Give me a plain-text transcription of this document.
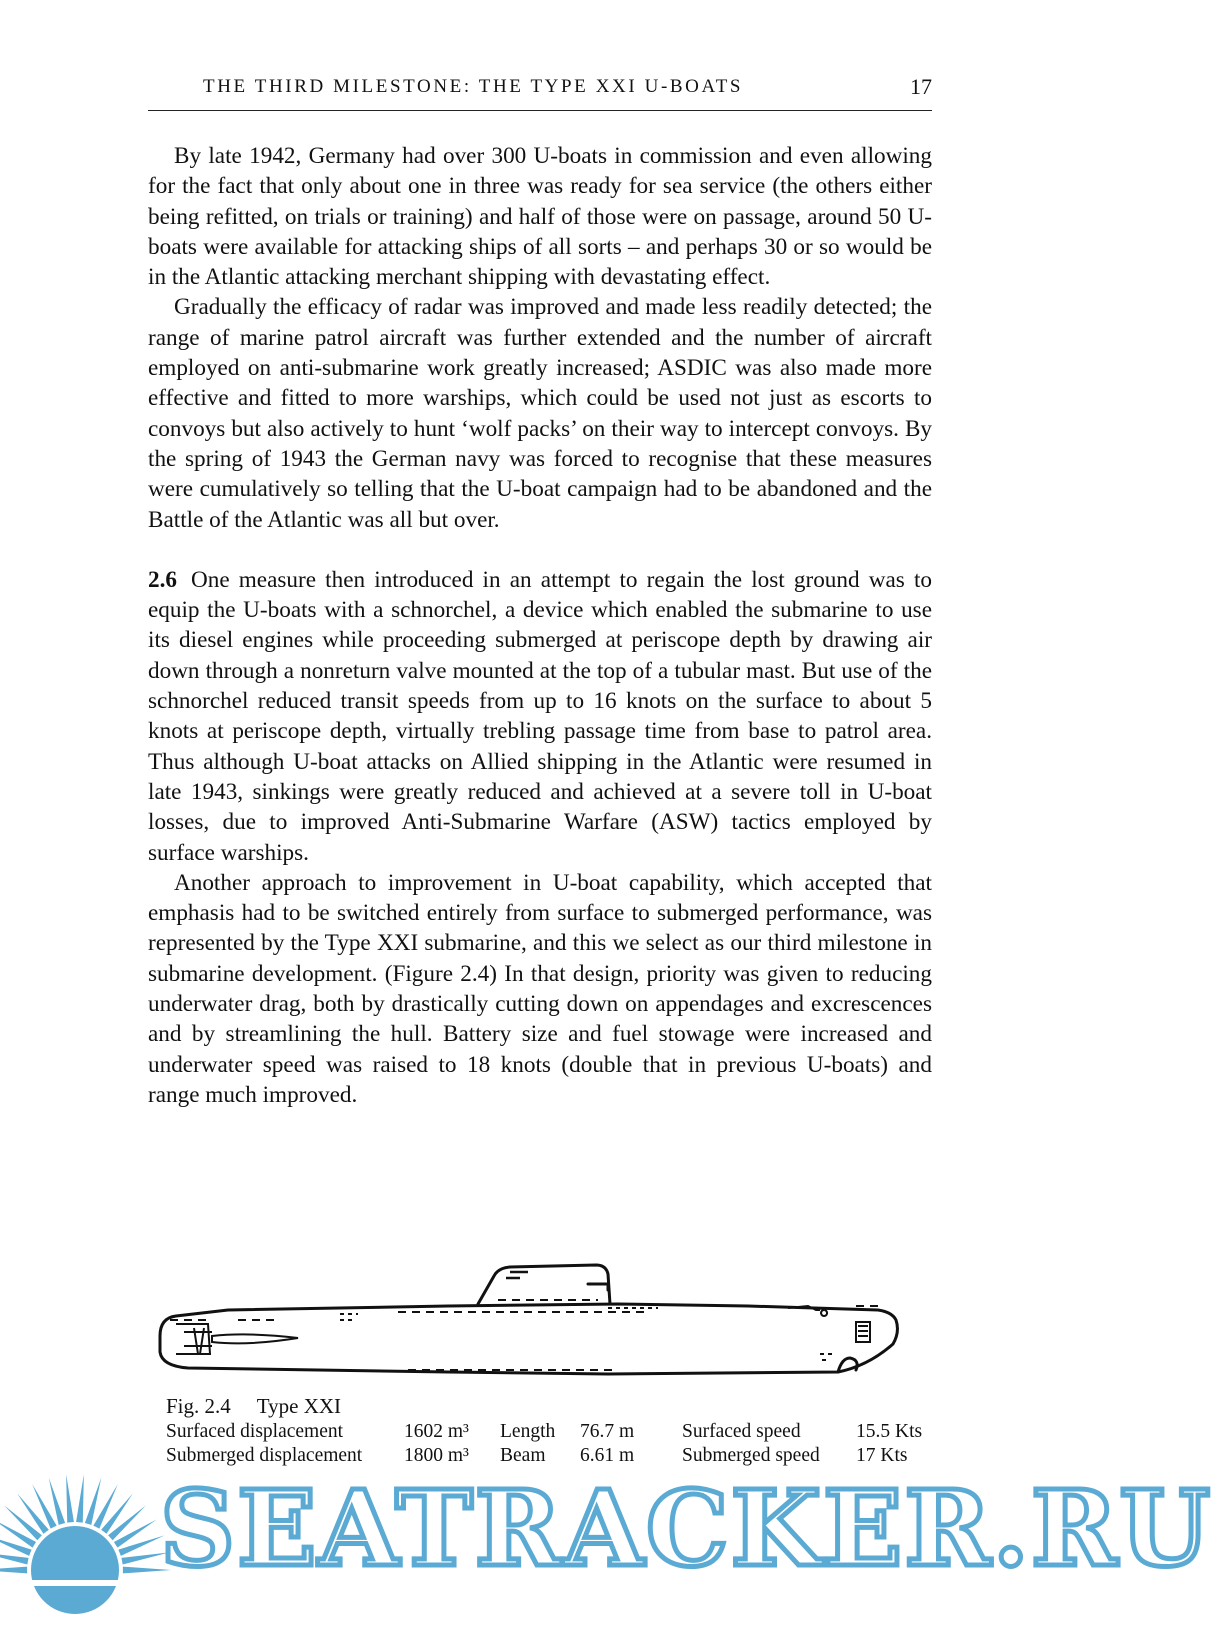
THE THIRD MILESTONE: THE TYPE XXI U-BOATS	17

By late 1942, Germany had over 300 U-boats in commission and even allowing for the fact that only about one in three was ready for sea service (the others either being refitted, on trials or training) and half of those were on passage, around 50 U-boats were available for attacking ships of all sorts – and perhaps 30 or so would be in the Atlantic attacking merchant shipping with devastating effect.

Gradually the efficacy of radar was improved and made less readily detected; the range of marine patrol aircraft was further extended and the number of aircraft employed on anti-submarine work greatly increased; ASDIC was also made more effective and fitted to more warships, which could be used not just as escorts to convoys but also actively to hunt ‘wolf packs’ on their way to intercept convoys. By the spring of 1943 the German navy was forced to recognise that these measures were cumulatively so telling that the U-boat campaign had to be abandoned and the Battle of the Atlantic was all but over.

2.6 One measure then introduced in an attempt to regain the lost ground was to equip the U-boats with a schnorchel, a device which enabled the submarine to use its diesel engines while proceeding submerged at periscope depth by drawing air down through a nonreturn valve mounted at the top of a tubular mast. But use of the schnorchel reduced transit speeds from up to 16 knots on the surface to about 5 knots at periscope depth, virtually trebling passage time from base to patrol area. Thus although U-boat attacks on Allied shipping in the Atlantic were resumed in late 1943, sinkings were greatly reduced and achieved at a severe toll in U-boat losses, due to improved Anti-Submarine Warfare (ASW) tactics employed by surface warships.

Another approach to improvement in U-boat capability, which accepted that emphasis had to be switched entirely from surface to submerged performance, was represented by the Type XXI submarine, and this we select as our third milestone in submarine development. (Figure 2.4) In that design, priority was given to reducing underwater drag, both by drastically cutting down on appendages and excrescences and by streamlining the hull. Battery size and fuel stowage were increased and underwater speed was raised to 18 knots (double that in previous U-boats) and range much improved.

Fig. 2.4 Type XXI
Surfaced displacement	1602 m³ Length 76.7 m Surfaced speed	15.5 Kts
Submerged displacement 1800 m³ Beam 6.61 m Submerged speed 17 Kts
SEATRACKER.RU
